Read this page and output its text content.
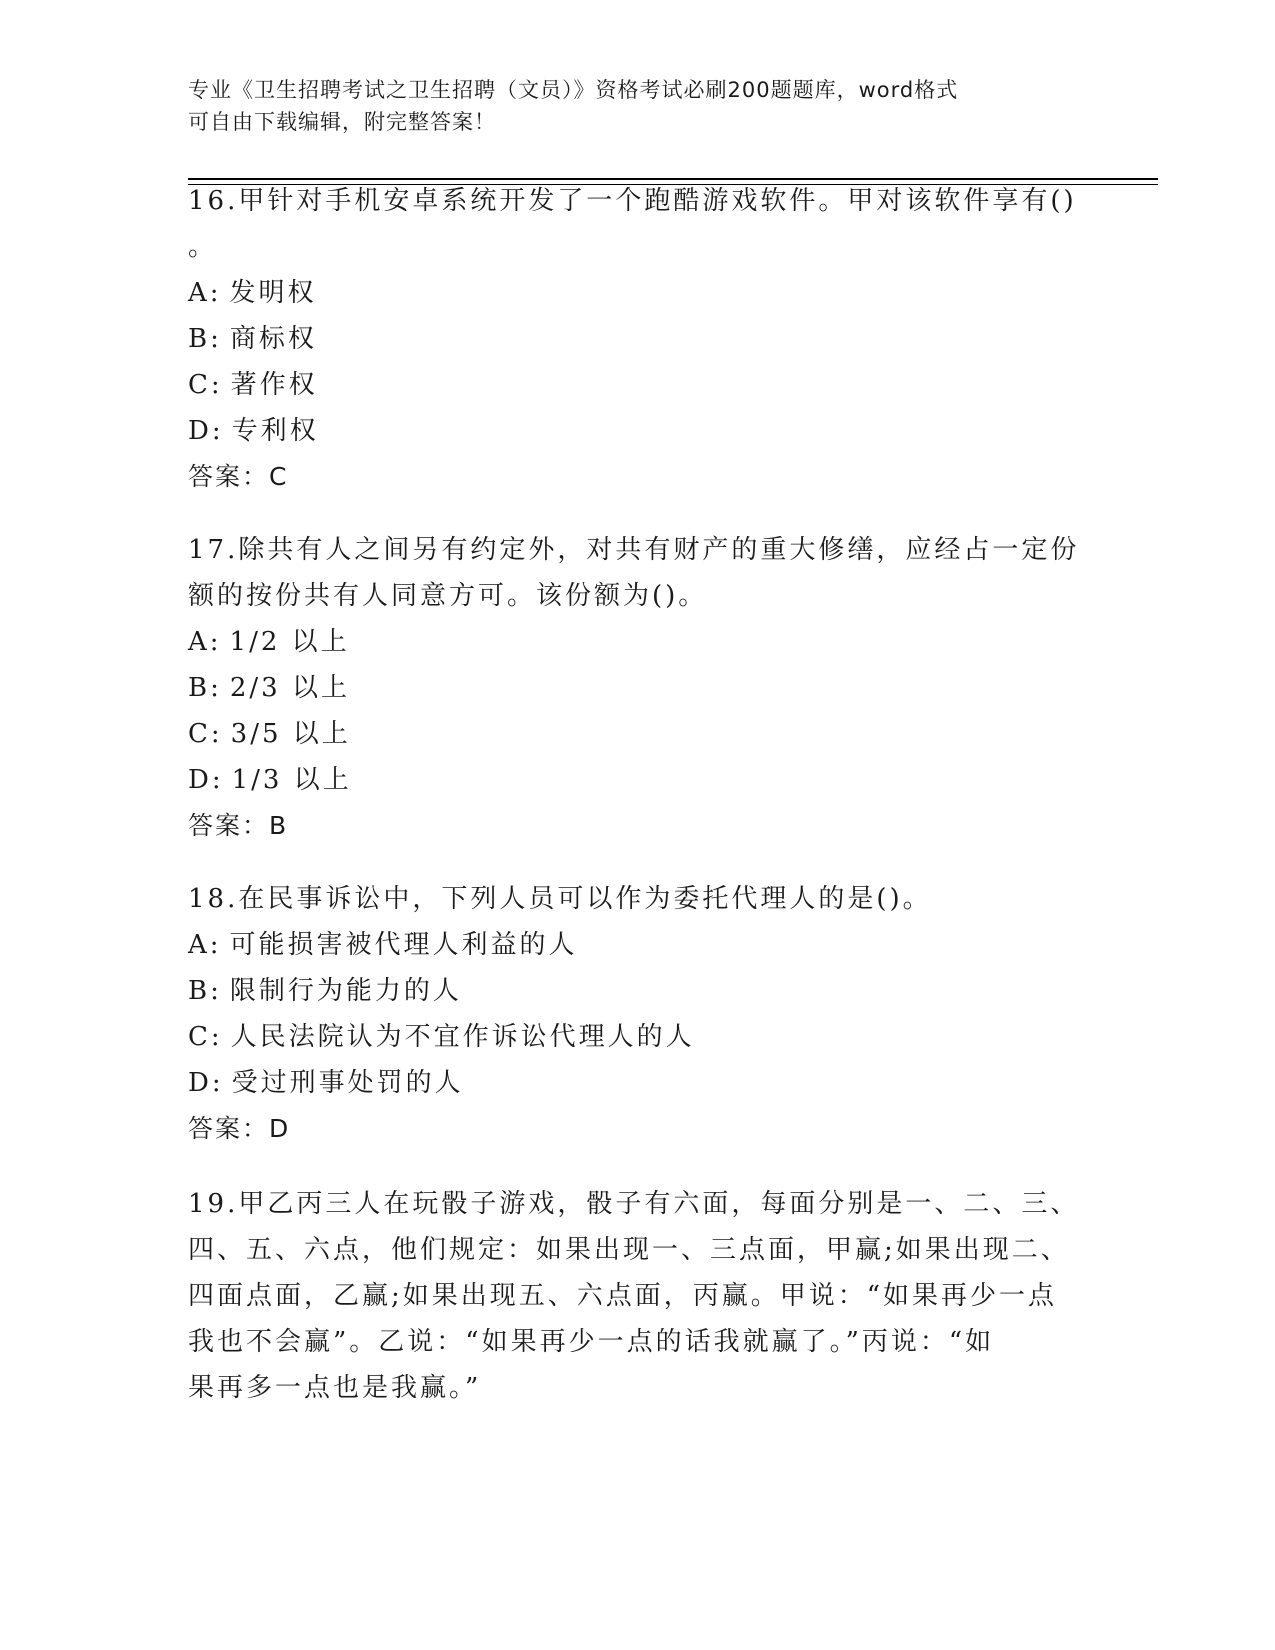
专业《卫生招聘考试之卫生招聘（文员）》资格考试必刷200题题库，word格式
可自由下载编辑，附完整答案！
16.甲针对手机安卓系统开发了一个跑酷游戏软件。甲对该软件享有()
。
A: 发明权
B: 商标权
C: 著作权
D: 专利权
答案：C
17.除共有人之间另有约定外，对共有财产的重大修缮，应经占一定份
额的按份共有人同意方可。该份额为()。
A: 1/2 以上
B: 2/3 以上
C: 3/5 以上
D: 1/3 以上
答案：B
18.在民事诉讼中，下列人员可以作为委托代理人的是()。
A: 可能损害被代理人利益的人
B: 限制行为能力的人
C: 人民法院认为不宜作诉讼代理人的人
D: 受过刑事处罚的人
答案：D
19.甲乙丙三人在玩骰子游戏，骰子有六面，每面分别是一、二、三、
四、五、六点，他们规定：如果出现一、三点面，甲赢;如果出现二、
四面点面，乙赢;如果出现五、六点面，丙赢。甲说：“如果再少一点
我也不会赢”。乙说：“如果再少一点的话我就赢了。”丙说：“如
果再多一点也是我赢。”
